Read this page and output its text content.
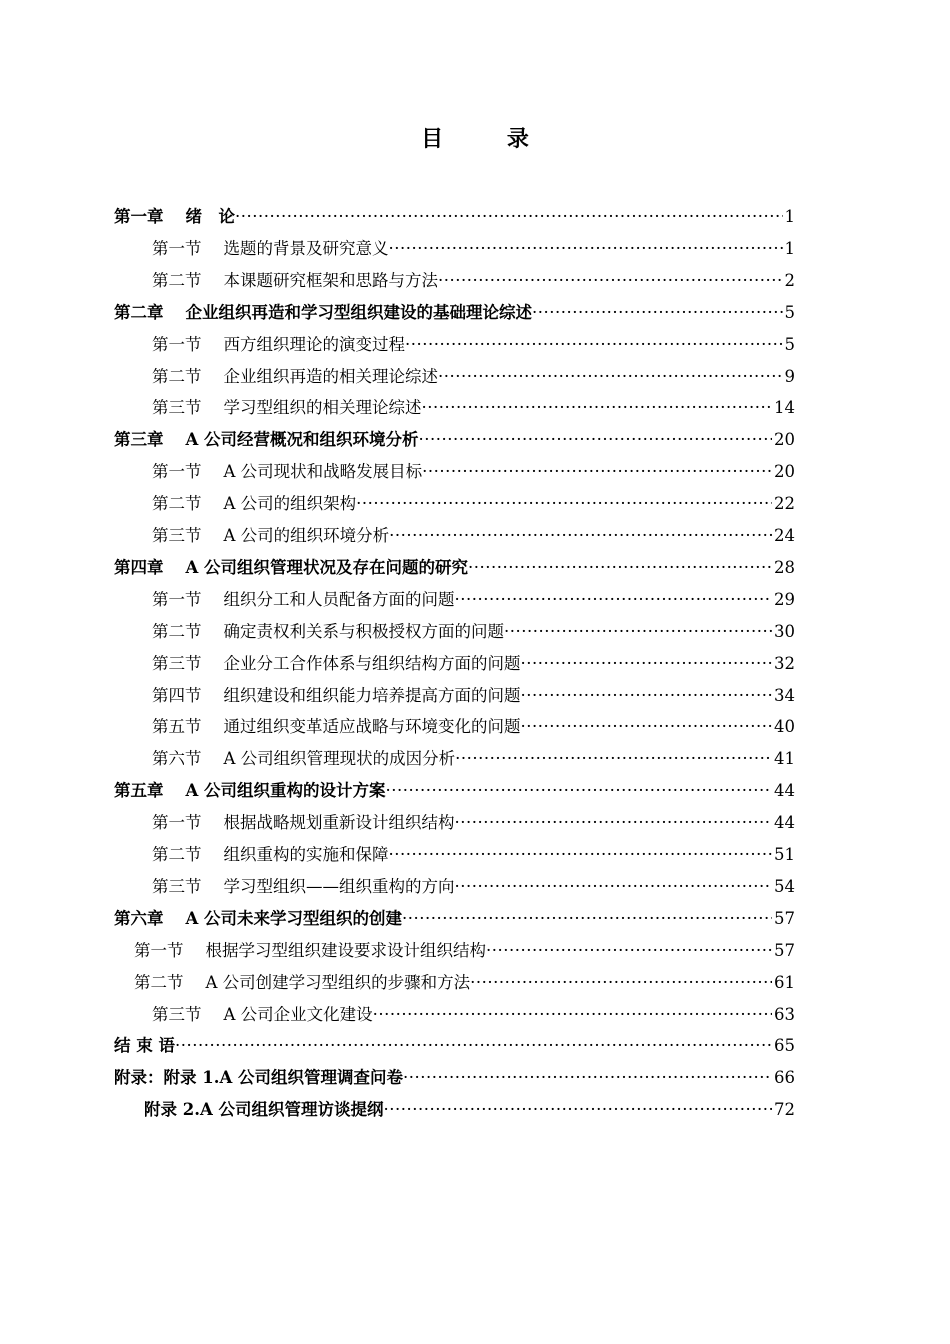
目 录
第一章 绪　论 ·····	1
第一节 选题的背景及研究意义 ·····	1
第二节 本课题研究框架和思路与方法 ·····	2
第二章 企业组织再造和学习型组织建设的基础理论综述 ·····	5
第一节 西方组织理论的演变过程 ·····	5
第二节 企业组织再造的相关理论综述 ·····	9
第三节 学习型组织的相关理论综述 ·····	14
第三章 A 公司经营概况和组织环境分析 ·····	20
第一节 A 公司现状和战略发展目标 ·····	20
第二节 A 公司的组织架构 ·····	22
第三节 A 公司的组织环境分析 ·····	24
第四章 A 公司组织管理状况及存在问题的研究 ·····	28
第一节 组织分工和人员配备方面的问题 ·····	29
第二节 确定责权利关系与积极授权方面的问题 ·····	30
第三节 企业分工合作体系与组织结构方面的问题 ·····	32
第四节 组织建设和组织能力培养提高方面的问题 ·····	34
第五节 通过组织变革适应战略与环境变化的问题 ·····	40
第六节 A 公司组织管理现状的成因分析 ·····	41
第五章 A 公司组织重构的设计方案 ·····	44
第一节 根据战略规划重新设计组织结构 ·····	44
第二节 组织重构的实施和保障 ·····	51
第三节 学习型组织——组织重构的方向 ·····	54
第六章 A 公司未来学习型组织的创建 ·····	57
第一节 根据学习型组织建设要求设计组织结构 ·····	57
第二节 A 公司创建学习型组织的步骤和方法 ·····	61
第三节 A 公司企业文化建设 ·····	63
结 束 语 ·····	65
附录：附录 1.A 公司组织管理调查问卷 ·····	66
附录 2.A 公司组织管理访谈提纲 ·····	72
